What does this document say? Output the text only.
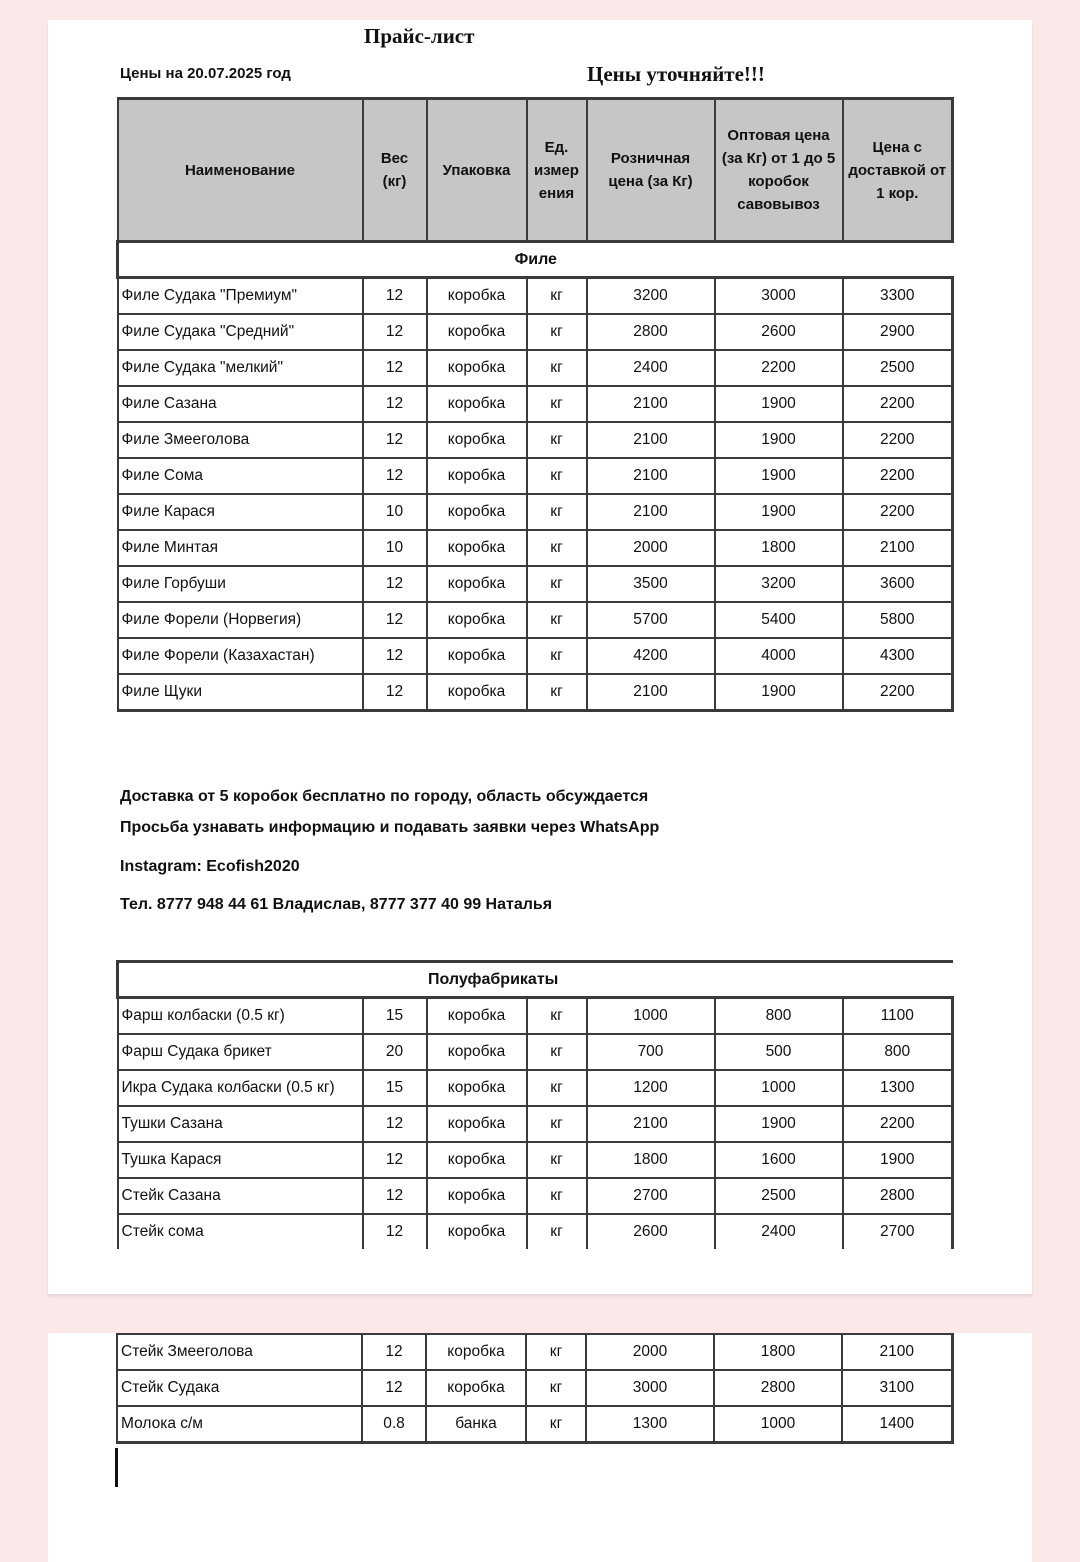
Прайс-лист
Цены на 20.07.2025 год	Цены уточняйте!!!
Наименование	Вес (кг)	Упаковка	Ед. измер ения	Розничная цена (за Кг)	Оптовая цена (за Кг) от 1 до 5 коробок савовывоз	Цена с доставкой от 1 кор.
Филе						
Филе Судака "Премиум"	12	коробка	кг	3200	3000	3300
Филе Судака "Средний"	12	коробка	кг	2800	2600	2900
Филе Судака "мелкий"	12	коробка	кг	2400	2200	2500
Филе Сазана	12	коробка	кг	2100	1900	2200
Филе Змееголова	12	коробка	кг	2100	1900	2200
Филе Сома	12	коробка	кг	2100	1900	2200
Филе Карася	10	коробка	кг	2100	1900	2200
Филе Минтая	10	коробка	кг	2000	1800	2100
Филе Горбуши	12	коробка	кг	3500	3200	3600
Филе Форели (Норвегия)	12	коробка	кг	5700	5400	5800
Филе Форели (Казахастан)	12	коробка	кг	4200	4000	4300
Филе Щуки	12	коробка	кг	2100	1900	2200
Доставка от 5 коробок бесплатно по городу, область обсуждается
Просьба узнавать информацию и подавать заявки через WhatsApp
Instagram: Ecofish2020
Тел. 8777 948 44 61 Владислав, 8777 377 40 99 Наталья
Полуфабрикаты						
Фарш колбаски (0.5 кг)	15	коробка	кг	1000	800	1100
Фарш Судака брикет	20	коробка	кг	700	500	800
Икра Судака колбаски (0.5 кг)	15	коробка	кг	1200	1000	1300
Тушки Сазана	12	коробка	кг	2100	1900	2200
Тушка Карася	12	коробка	кг	1800	1600	1900
Стейк Сазана	12	коробка	кг	2700	2500	2800
Стейк сома	12	коробка	кг	2600	2400	2700
Стейк Змееголова	12	коробка	кг	2000	1800	2100
Стейк Судака	12	коробка	кг	3000	2800	3100
Молока с/м	0.8	банка	кг	1300	1000	1400
